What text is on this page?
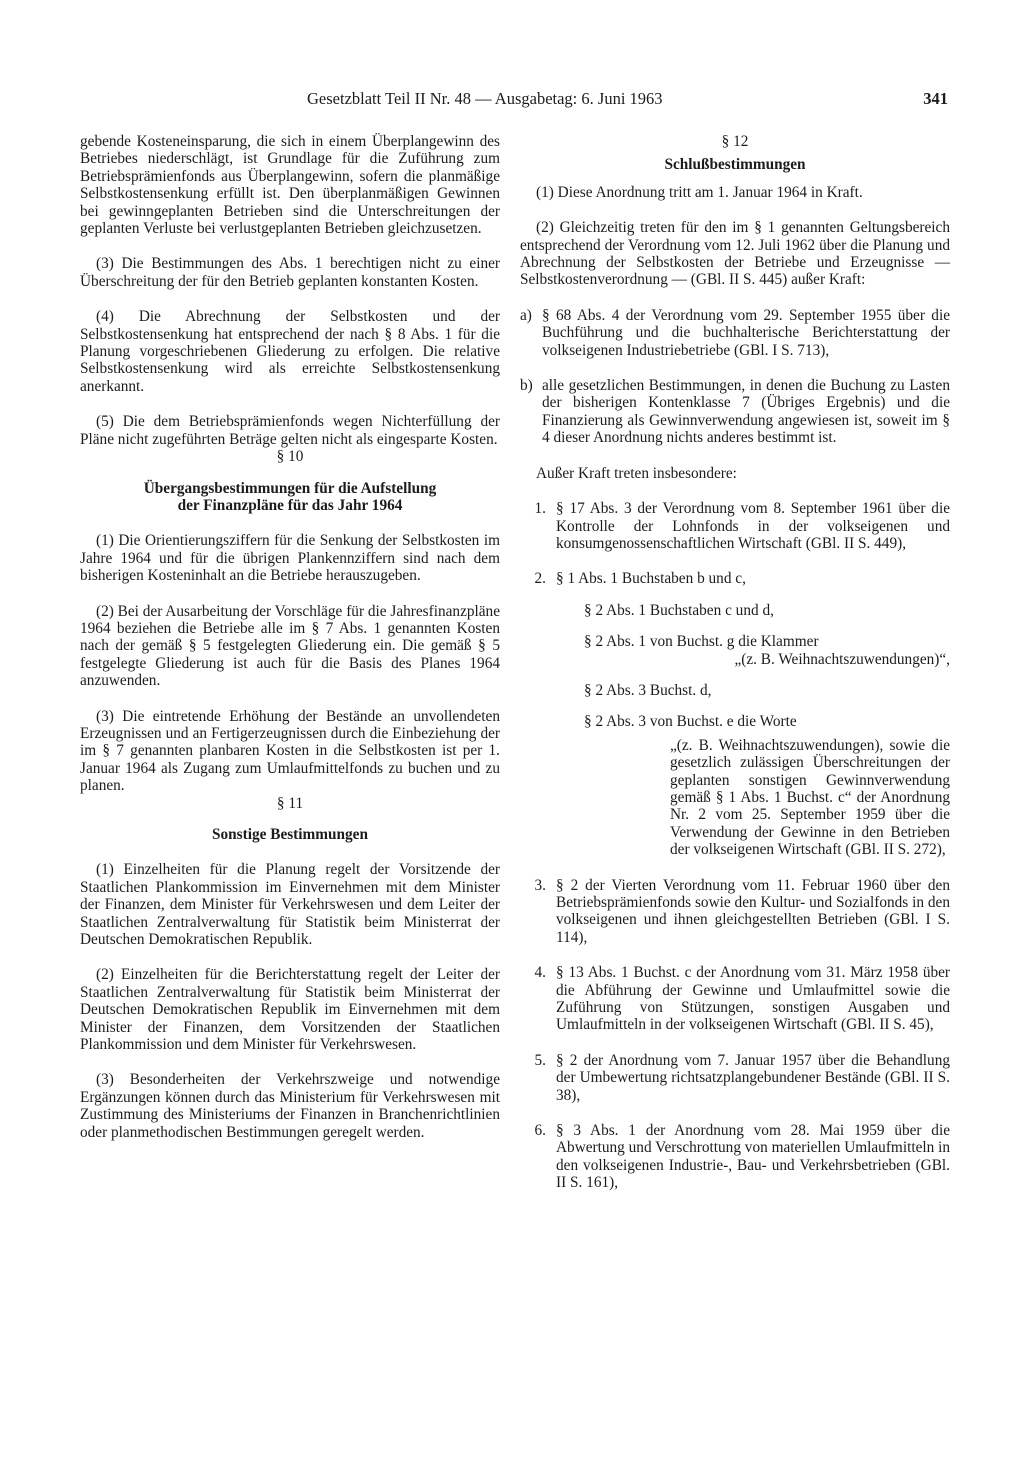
Gesetzblatt Teil II Nr. 48 — Ausgabetag: 6. Juni 1963	341

gebende Kosteneinsparung, die sich in einem Überplangewinn des Betriebes niederschlägt, ist Grundlage für die Zuführung zum Betriebsprämienfonds aus Überplangewinn, sofern die planmäßige Selbstkostensenkung erfüllt ist. Den überplanmäßigen Gewinnen bei gewinngeplanten Betrieben sind die Unterschreitungen der geplanten Verluste bei verlustgeplanten Betrieben gleichzusetzen.

(3) Die Bestimmungen des Abs. 1 berechtigen nicht zu einer Überschreitung der für den Betrieb geplanten konstanten Kosten.

(4) Die Abrechnung der Selbstkosten und der Selbstkostensenkung hat entsprechend der nach § 8 Abs. 1 für die Planung vorgeschriebenen Gliederung zu erfolgen. Die relative Selbstkostensenkung wird als erreichte Selbstkostensenkung anerkannt.

(5) Die dem Betriebsprämienfonds wegen Nichterfüllung der Pläne nicht zugeführten Beträge gelten nicht als eingesparte Kosten.

§ 10

Übergangsbestimmungen für die Aufstellung

der Finanzpläne für das Jahr 1964

(1) Die Orientierungsziffern für die Senkung der Selbstkosten im Jahre 1964 und für die übrigen Plankennziffern sind nach dem bisherigen Kosteninhalt an die Betriebe herauszugeben.

(2) Bei der Ausarbeitung der Vorschläge für die Jahresfinanzpläne 1964 beziehen die Betriebe alle im § 7 Abs. 1 genannten Kosten nach der gemäß § 5 festgelegten Gliederung ein. Die gemäß § 5 festgelegte Gliederung ist auch für die Basis des Planes 1964 anzuwenden.

(3) Die eintretende Erhöhung der Bestände an unvollendeten Erzeugnissen und an Fertigerzeugnissen durch die Einbeziehung der im § 7 genannten planbaren Kosten in die Selbstkosten ist per 1. Januar 1964 als Zugang zum Umlaufmittelfonds zu buchen und zu planen.

§ 11

Sonstige Bestimmungen

(1) Einzelheiten für die Planung regelt der Vorsitzende der Staatlichen Plankommission im Einvernehmen mit dem Minister der Finanzen, dem Minister für Verkehrswesen und dem Leiter der Staatlichen Zentralverwaltung für Statistik beim Ministerrat der Deutschen Demokratischen Republik.

(2) Einzelheiten für die Berichterstattung regelt der Leiter der Staatlichen Zentralverwaltung für Statistik beim Ministerrat der Deutschen Demokratischen Republik im Einvernehmen mit dem Minister der Finanzen, dem Vorsitzenden der Staatlichen Plankommission und dem Minister für Verkehrswesen.

(3) Besonderheiten der Verkehrszweige und notwendige Ergänzungen können durch das Ministerium für Verkehrswesen mit Zustimmung des Ministeriums der Finanzen in Branchenrichtlinien oder planmethodischen Bestimmungen geregelt werden.

§ 12

Schlußbestimmungen

(1) Diese Anordnung tritt am 1. Januar 1964 in Kraft.

(2) Gleichzeitig treten für den im § 1 genannten Geltungsbereich entsprechend der Verordnung vom 12. Juli 1962 über die Planung und Abrechnung der Selbstkosten der Betriebe und Erzeugnisse — Selbstkostenverordnung — (GBl. II S. 445) außer Kraft:

a) § 68 Abs. 4 der Verordnung vom 29. September 1955 über die Buchführung und die buchhalterische Berichterstattung der volkseigenen Industriebetriebe (GBl. I S. 713),
b) alle gesetzlichen Bestimmungen, in denen die Buchung zu Lasten der bisherigen Kontenklasse 7 (Übriges Ergebnis) und die Finanzierung als Gewinnverwendung angewiesen ist, soweit im § 4 dieser Anordnung nichts anderes bestimmt ist.

Außer Kraft treten insbesondere:

1. § 17 Abs. 3 der Verordnung vom 8. September 1961 über die Kontrolle der Lohnfonds in der volkseigenen und konsumgenossenschaftlichen Wirtschaft (GBl. II S. 449),
2. § 1 Abs. 1 Buchstaben b und c,

§ 2 Abs. 1 Buchstaben c und d,

§ 2 Abs. 1 von Buchst. g die Klammer

„(z. B. Weihnachtszuwendungen)“,

§ 2 Abs. 3 Buchst. d,

§ 2 Abs. 3 von Buchst. e die Worte

„(z. B. Weihnachtszuwendungen), sowie die gesetzlich zulässigen Überschreitungen der geplanten sonstigen Gewinnverwendung gemäß § 1 Abs. 1 Buchst. c“ der Anordnung Nr. 2 vom 25. September 1959 über die Verwendung der Gewinne in den Betrieben der volkseigenen Wirtschaft (GBl. II S. 272),

3. § 2 der Vierten Verordnung vom 11. Februar 1960 über den Betriebsprämienfonds sowie den Kultur- und Sozialfonds in den volkseigenen und ihnen gleichgestellten Betrieben (GBl. I S. 114),
4. § 13 Abs. 1 Buchst. c der Anordnung vom 31. März 1958 über die Abführung der Gewinne und Umlaufmittel sowie die Zuführung von Stützungen, sonstigen Ausgaben und Umlaufmitteln in der volkseigenen Wirtschaft (GBl. II S. 45),
5. § 2 der Anordnung vom 7. Januar 1957 über die Behandlung der Umbewertung richtsatzplangebundener Bestände (GBl. II S. 38),
6. § 3 Abs. 1 der Anordnung vom 28. Mai 1959 über die Abwertung und Verschrottung von materiellen Umlaufmitteln in den volkseigenen Industrie-, Bau- und Verkehrsbetrieben (GBl. II S. 161),
